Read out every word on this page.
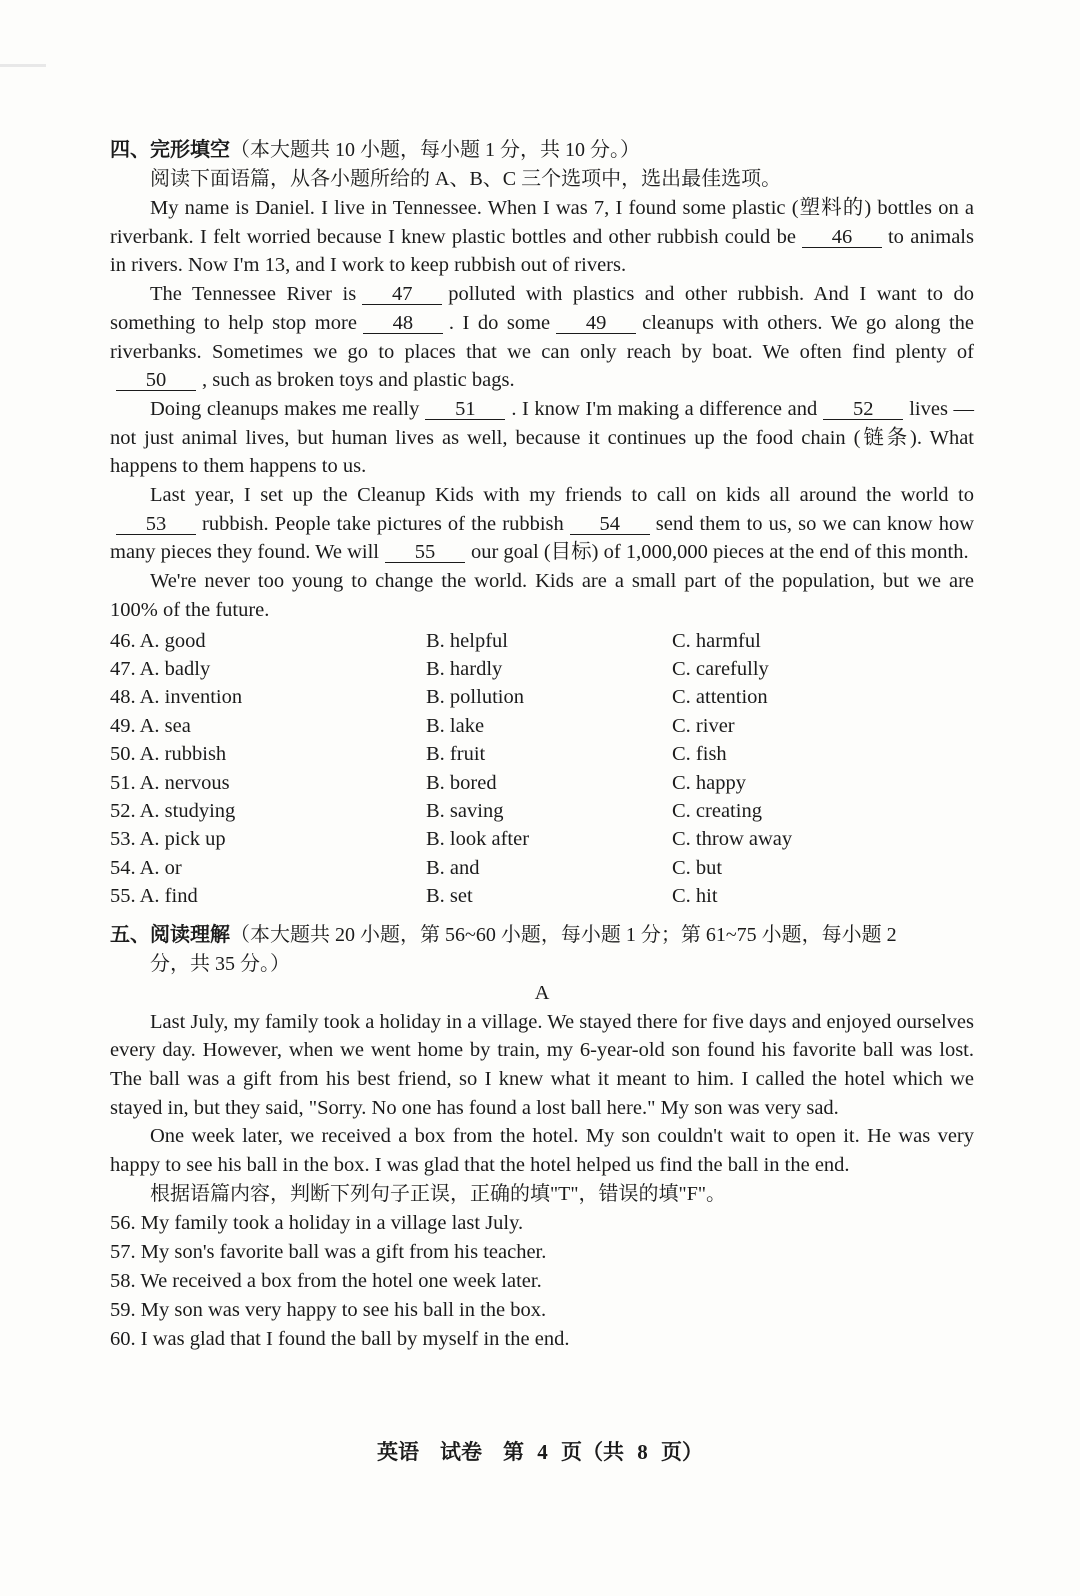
四、完形填空（本大题共 10 小题，每小题 1 分，共 10 分。）
阅读下面语篇，从各小题所给的 A、B、C 三个选项中，选出最佳选项。

My name is Daniel. I live in Tennessee. When I was 7, I found some plastic (塑料的) bottles on a riverbank. I felt worried because I knew plastic bottles and other rubbish could be 46 to animals in rivers. Now I'm 13, and I work to keep rubbish out of rivers.

The Tennessee River is 47 polluted with plastics and other rubbish. And I want to do something to help stop more 48 . I do some 49 cleanups with others. We go along the riverbanks. Sometimes we go to places that we can only reach by boat. We often find plenty of50 , such as broken toys and plastic bags.

Doing cleanups makes me really 51 . I know I'm making a difference and 52 lives — not just animal lives, but human lives as well, because it continues up the food chain (链条). What happens to them happens to us.

Last year, I set up the Cleanup Kids with my friends to call on kids all around the world to53 rubbish. People take pictures of the rubbish 54 send them to us, so we can know how many pieces they found. We will 55 our goal (目标) of 1,000,000 pieces at the end of this month.

We're never too young to change the world. Kids are a small part of the population, but we are 100% of the future.

46. A. good	B. helpful	C. harmful
47. A. badly	B. hardly	C. carefully
48. A. invention	B. pollution	C. attention
49. A. sea	B. lake	C. river
50. A. rubbish	B. fruit	C. fish
51. A. nervous	B. bored	C. happy
52. A. studying	B. saving	C. creating
53. A. pick up	B. look after	C. throw away
54. A. or	B. and	C. but
55. A. find	B. set	C. hit
五、阅读理解（本大题共 20 小题，第 56~60 小题，每小题 1 分；第 61~75 小题，每小题 2
分，共 35 分。）
A

Last July, my family took a holiday in a village. We stayed there for five days and enjoyed ourselves every day. However, when we went home by train, my 6-year-old son found his favorite ball was lost. The ball was a gift from his best friend, so I knew what it meant to him. I called the hotel which we stayed in, but they said, "Sorry. No one has found a lost ball here." My son was very sad.

One week later, we received a box from the hotel. My son couldn't wait to open it. He was very happy to see his ball in the box. I was glad that the hotel helped us find the ball in the end.

根据语篇内容，判断下列句子正误，正确的填"T"，错误的填"F"。
56. My family took a holiday in a village last July.
57. My son's favorite ball was a gift from his teacher.
58. We received a box from the hotel one week later.
59. My son was very happy to see his ball in the box.
60. I was glad that I found the ball by myself in the end.
英语　试卷　第 4 页（共 8 页）
